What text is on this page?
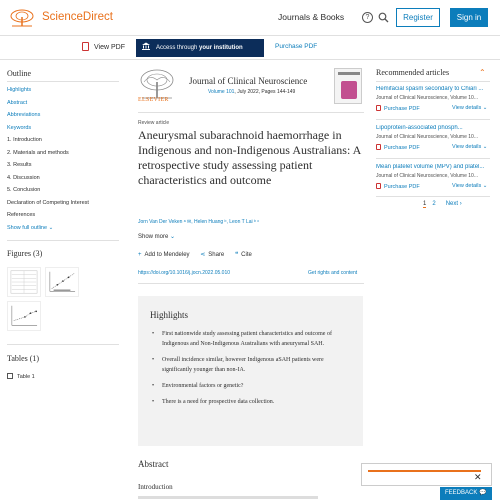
ScienceDirect	Journals & Books	?	Register	Sign in
View PDF	Access through your institution	Purchase PDF
Outline
Highlights
Abstract
Abbreviations
Keywords
1. Introduction
2. Materials and methods
3. Results
4. Discussion
5. Conclusion
Declaration of Competing Interest
References
Show full outline ⌄
Figures (3)
Tables (1)
Table 1
ELSEVIER
Journal of Clinical Neuroscience
Volume 101, July 2022, Pages 144-149
Review article
Aneurysmal subarachnoid haemorrhage in Indigenous and non-Indigenous Australians: A retrospective study assessing patient characteristics and outcome
Jorn Van Der Veken ᵃ ✉, Helen Huang ᵇ, Leon T Lai ᵇ ᶜ
Show more ⌄
+ Add to Mendeley ⋖ Share ❝ Cite
https://doi.org/10.1016/j.jocn.2022.05.010	Get rights and content
Highlights
• First nationwide study assessing patient characteristics and outcome of Indigenous and Non-Indigenous Australians with aneurysmal SAH.
• Overall incidence similar, however Indigenous aSAH patients were significantly younger than non-IA.
• Environmental factors or genetic?
• There is a need for prospective data collection.
Abstract
Introduction
Recommended articles	⌃
Hemifacial spasm secondary to Chiari ...
Journal of Clinical Neuroscience, Volume 10...
Purchase PDF	View details ⌄
Lipoprotein-associated phosph...
Journal of Clinical Neuroscience, Volume 10...
Purchase PDF	View details ⌄
Mean platelet volume (MPV) and platel...
Journal of Clinical Neuroscience, Volume 10...
Purchase PDF	View details ⌄
1 2 Next ›
✕
FEEDBACK 💬
